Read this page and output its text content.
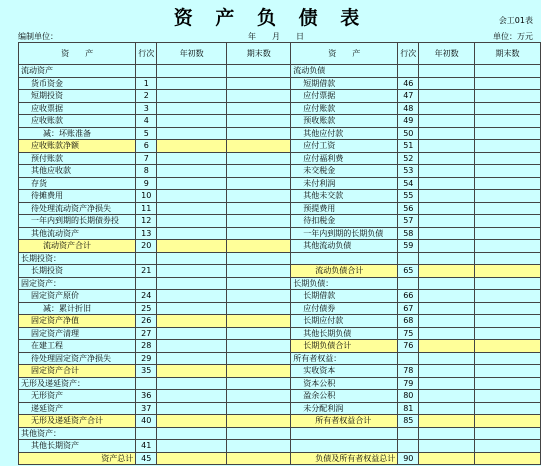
资 产 负 债 表	会工01表
编制单位：	年　　月　　日	单位：万元
资　　产	行次	年初数	期末数	资　　产	行次	年初数	期末数
流动资产				流动负债			
货币资金	1			短期借款	46		
短期投资	2			应付票据	47		
应收票据	3			应付账款	48		
应收账款	4			预收账款	49		
减：坏账准备	5			其他应付款	50		
应收账款净额	6			应付工资	51		
预付账款	7			应付福利费	52		
其他应收款	8			未交税金	53		
存货	9			未付利润	54		
待摊费用	10			其他未交款	55		
待处理流动资产净损失	11			预提费用	56		
一年内到期的长期债券投	12			待扣税金	57		
其他流动资产	13			一年内到期的长期负债	58		
流动资产合计	20			其他流动负债	59		
长期投资：							
长期投资	21			流动负债合计	65		
固定资产：				长期负债：			
固定资产原价	24			长期借款	66		
减：累计折旧	25			应付债券	67		
固定资产净值	26			长期应付款	68		
固定资产清理	27			其他长期负债	75		
在建工程	28			长期负债合计	76		
待处理固定资产净损失	29			所有者权益：			
固定资产合计	35			实收资本	78		
无形及递延资产：				资本公积	79		
无形资产	36			盈余公积	80		
递延资产	37			未分配利润	81		
无形及递延资产合计	40			所有者权益合计	85		
其他资产：							
其他长期资产	41						
资产总计	45			负债及所有者权益总计	90		
